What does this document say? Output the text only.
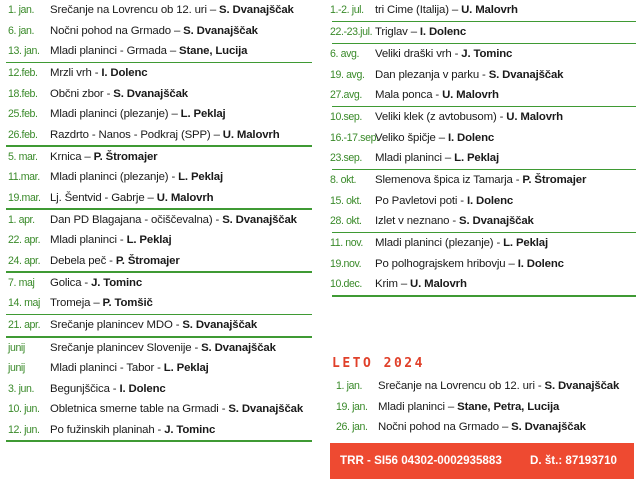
1. jan. Srečanje na Lovrencu ob 12. uri – S. Dvanajščak
6. jan. Nočni pohod na Grmado – S. Dvanajščak
13. jan. Mladi planinci - Grmada – Stane, Lucija
12.feb. Mrzli vrh - I. Dolenc
18.feb. Občni zbor - S. Dvanajščak
25.feb. Mladi planinci (plezanje) – L. Peklaj
26.feb. Razdrto - Nanos - Podkraj (SPP) – U. Malovrh
5. mar. Krnica – P. Štromajer
11.mar. Mladi planinci (plezanje) - L. Peklaj
19.mar. Lj. Šentvid - Gabrje – U. Malovrh
1. apr. Dan PD Blagajana - očiščevalna) - S. Dvanajščak
22. apr. Mladi planinci - L. Peklaj
24. apr. Debela peč - P. Štromajer
7. maj Golica - J. Tominc
14. maj Tromeja – P. Tomšič
21. apr. Srečanje planincev MDO - S. Dvanajščak
junij Srečanje planincev Slovenije - S. Dvanajščak
junij Mladi planinci - Tabor - L. Peklaj
3. jun. Begunjščica - I. Dolenc
10. jun. Obletnica smerne table na Grmadi - S. Dvanajščak
12. jun. Po fužinskih planinah - J. Tominc
1.-2. jul. tri Cime (Italija) – U. Malovrh
22.-23.jul. Triglav – I. Dolenc
6. avg. Veliki draški vrh - J. Tominc
19. avg. Dan plezanja v parku - S. Dvanajščak
27.avg. Mala ponca - U. Malovrh
10.sep. Veliki klek (z avtobusom) - U. Malovrh
16.-17.sep.
Veliko špičje – I. Dolenc
23.sep. Mladi planinci – L. Peklaj
8. okt. Slemenova špica iz Tamarja - P. Štromajer
15. okt. Po Pavletovi poti - I. Dolenc
28. okt. Izlet v neznano - S. Dvanajščak
11. nov. Mladi planinci (plezanje) - L. Peklaj
19.nov. Po polhograjskem hribovju – I. Dolenc
10.dec. Krim – U. Malovrh
LETO 2024
1. jan. Srečanje na Lovrencu ob 12. uri - S. Dvanajščak
19. jan. Mladi planinci – Stane, Petra, Lucija
26. jan. Nočni pohod na Grmado – S. Dvanajščak
TRR - SI56 04302-0002935883 D. št.: 87193710
